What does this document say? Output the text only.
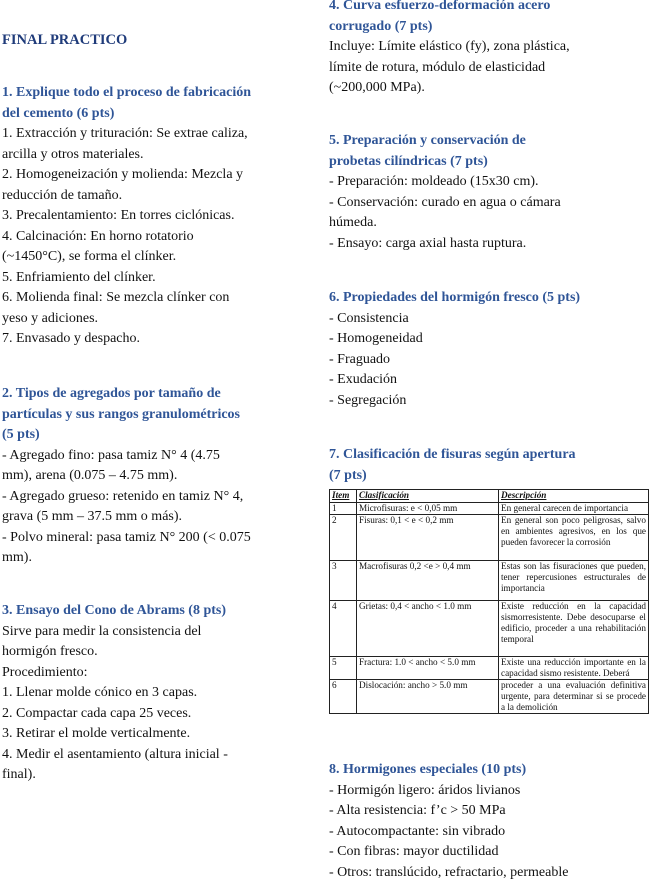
FINAL PRACTICO
1. Explique todo el proceso de fabricación
del cemento (6 pts)
1. Extracción y trituración: Se extrae caliza,
arcilla y otros materiales.
2. Homogeneización y molienda: Mezcla y
reducción de tamaño.
3. Precalentamiento: En torres ciclónicas.
4. Calcinación: En horno rotatorio
(~1450°C), se forma el clínker.
5. Enfriamiento del clínker.
6. Molienda final: Se mezcla clínker con
yeso y adiciones.
7. Envasado y despacho.
2. Tipos de agregados por tamaño de
partículas y sus rangos granulométricos
(5 pts)
- Agregado fino: pasa tamiz N° 4 (4.75
mm), arena (0.075 – 4.75 mm).
- Agregado grueso: retenido en tamiz N° 4,
grava (5 mm – 37.5 mm o más).
- Polvo mineral: pasa tamiz N° 200 (< 0.075
mm).
3. Ensayo del Cono de Abrams (8 pts)
Sirve para medir la consistencia del
hormigón fresco.
Procedimiento:
1. Llenar molde cónico en 3 capas.
2. Compactar cada capa 25 veces.
3. Retirar el molde verticalmente.
4. Medir el asentamiento (altura inicial -
final).
4. Curva esfuerzo-deformación acero
corrugado (7 pts)
Incluye: Límite elástico (fy), zona plástica,
límite de rotura, módulo de elasticidad
(~200,000 MPa).
5. Preparación y conservación de
probetas cilíndricas (7 pts)
- Preparación: moldeado (15x30 cm).
- Conservación: curado en agua o cámara
húmeda.
- Ensayo: carga axial hasta ruptura.
6. Propiedades del hormigón fresco (5 pts)
- Consistencia
- Homogeneidad
- Fraguado
- Exudación
- Segregación
7. Clasificación de fisuras según apertura
(7 pts)
Item	Clasificación	Descripción
1	Microfisuras: e < 0,05 mm	En general carecen de importancia
2	Fisuras: 0,1 < e < 0,2 mm	En general son poco peligrosas, salvo en ambientes agresivos, en los que pueden favorecer la corrosión
3	Macrofisuras 0,2 <e > 0,4 mm	Estas son las fisuraciones que pueden, tener repercusiones estructurales de importancia
4	Grietas: 0,4 < ancho < 1.0 mm	Existe reducción en la capacidad sismorresistente. Debe desocuparse el edificio, proceder a una rehabilitación temporal
5	Fractura: 1.0 < ancho < 5.0 mm	Existe una reducción importante en la capacidad sismo resistente. Deberá
6	Dislocación: ancho > 5.0 mm	proceder a una evaluación definitiva urgente, para determinar si se procede a la demolición
8. Hormigones especiales (10 pts)
- Hormigón ligero: áridos livianos
- Alta resistencia: f’c > 50 MPa
- Autocompactante: sin vibrado
- Con fibras: mayor ductilidad
- Otros: translúcido, refractario, permeable
